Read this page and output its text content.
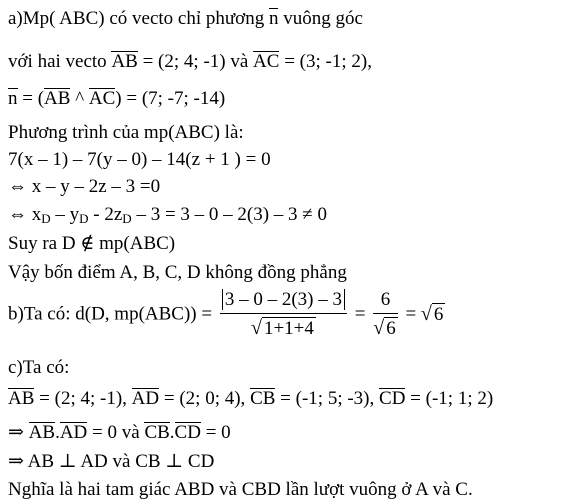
a)Mp( ABC) có vecto chỉ phương n vuông góc
với hai vecto AB = (2; 4; -1) và AC = (3; -1; 2),
n = (AB ^ AC) = (7; -7; -14)
Phương trình của mp(ABC) là:
7(x – 1) – 7(y – 0) – 14(z + 1 ) = 0
⇔ x – y – 2z – 3 =0
⇔ $x_D - y_D - 2z_D - 3 = 3 - 0 - 2(3) - 3 \ne 0$
Suy ra D ∉ mp(ABC)
Vậy bốn điểm A, B, C, D không đồng phẳng
b)Ta có: d(D, $mp(ABC)) = \frac{3 - 0 - 2(3) - 3}{√ 1+1+4} = \frac{6}{√ 6}$ = √ 6
c)Ta có:
AB = (2; 4; -1), AD = (2; 0; 4), CB = (-1; 5; -3), CD = (-1; 1; 2)
⇒ AB.AD = 0 và CB.CD = 0
⇒ AB ⊥ AD và CB ⊥ CD
Nghĩa là hai tam giác ABD và CBD lần lượt vuông ở A và C.
